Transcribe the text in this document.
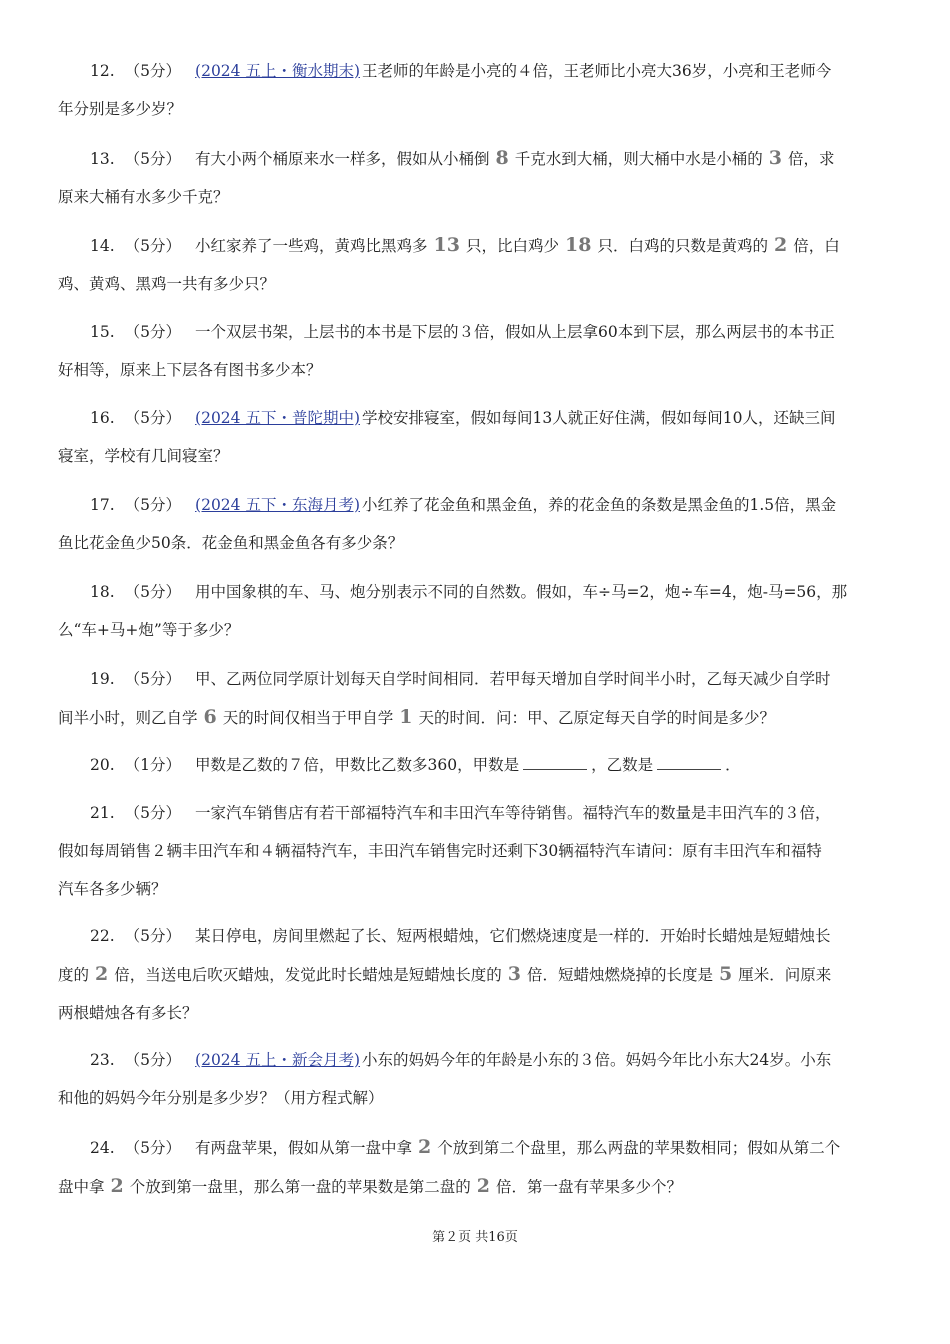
12. （5分） (2024 五上・衡水期末) 王老师的年龄是小亮的４倍，王老师比小亮大36岁，小亮和王老师今
年分别是多少岁？
13. （5分） 有大小两个桶原来水一样多，假如从小桶倒 8 千克水到大桶，则大桶中水是小桶的 3 倍，求
原来大桶有水多少千克？
14. （5分） 小红家养了一些鸡，黄鸡比黑鸡多 13 只，比白鸡少 18 只．白鸡的只数是黄鸡的 2 倍，白
鸡、黄鸡、黑鸡一共有多少只？
15. （5分） 一个双层书架，上层书的本书是下层的３倍，假如从上层拿60本到下层，那么两层书的本书正
好相等，原来上下层各有图书多少本？
16. （5分） (2024 五下・普陀期中) 学校安排寝室，假如每间13人就正好住满，假如每间10人，还缺三间
寝室，学校有几间寝室？
17. （5分） (2024 五下・东海月考) 小红养了花金鱼和黑金鱼，养的花金鱼的条数是黑金鱼的1.5倍，黑金
鱼比花金鱼少50条．花金鱼和黑金鱼各有多少条？
18. （5分） 用中国象棋的车、马、炮分别表示不同的自然数。假如，车÷马=2，炮÷车=4，炮-马=56，那
么“车+马+炮”等于多少？
19. （5分） 甲、乙两位同学原计划每天自学时间相同．若甲每天增加自学时间半小时，乙每天减少自学时
间半小时，则乙自学 6 天的时间仅相当于甲自学 1 天的时间．问：甲、乙原定每天自学的时间是多少？
20. （1分） 甲数是乙数的７倍，甲数比乙数多360，甲数是	，乙数是	．
21. （5分） 一家汽车销售店有若干部福特汽车和丰田汽车等待销售。福特汽车的数量是丰田汽车的３倍，
假如每周销售２辆丰田汽车和４辆福特汽车，丰田汽车销售完时还剩下30辆福特汽车请问：原有丰田汽车和福特
汽车各多少辆？
22. （5分） 某日停电，房间里燃起了长、短两根蜡烛，它们燃烧速度是一样的．开始时长蜡烛是短蜡烛长
度的 2 倍，当送电后吹灭蜡烛，发觉此时长蜡烛是短蜡烛长度的 3 倍．短蜡烛燃烧掉的长度是 5 厘米．问原来
两根蜡烛各有多长？
23. （5分） (2024 五上・新会月考) 小东的妈妈今年的年龄是小东的３倍。妈妈今年比小东大24岁。小东
和他的妈妈今年分别是多少岁？（用方程式解）
24. （5分） 有两盘苹果，假如从第一盘中拿 2 个放到第二个盘里，那么两盘的苹果数相同；假如从第二个
盘中拿 2 个放到第一盘里，那么第一盘的苹果数是第二盘的 2 倍．第一盘有苹果多少个？
第２页 共16页
